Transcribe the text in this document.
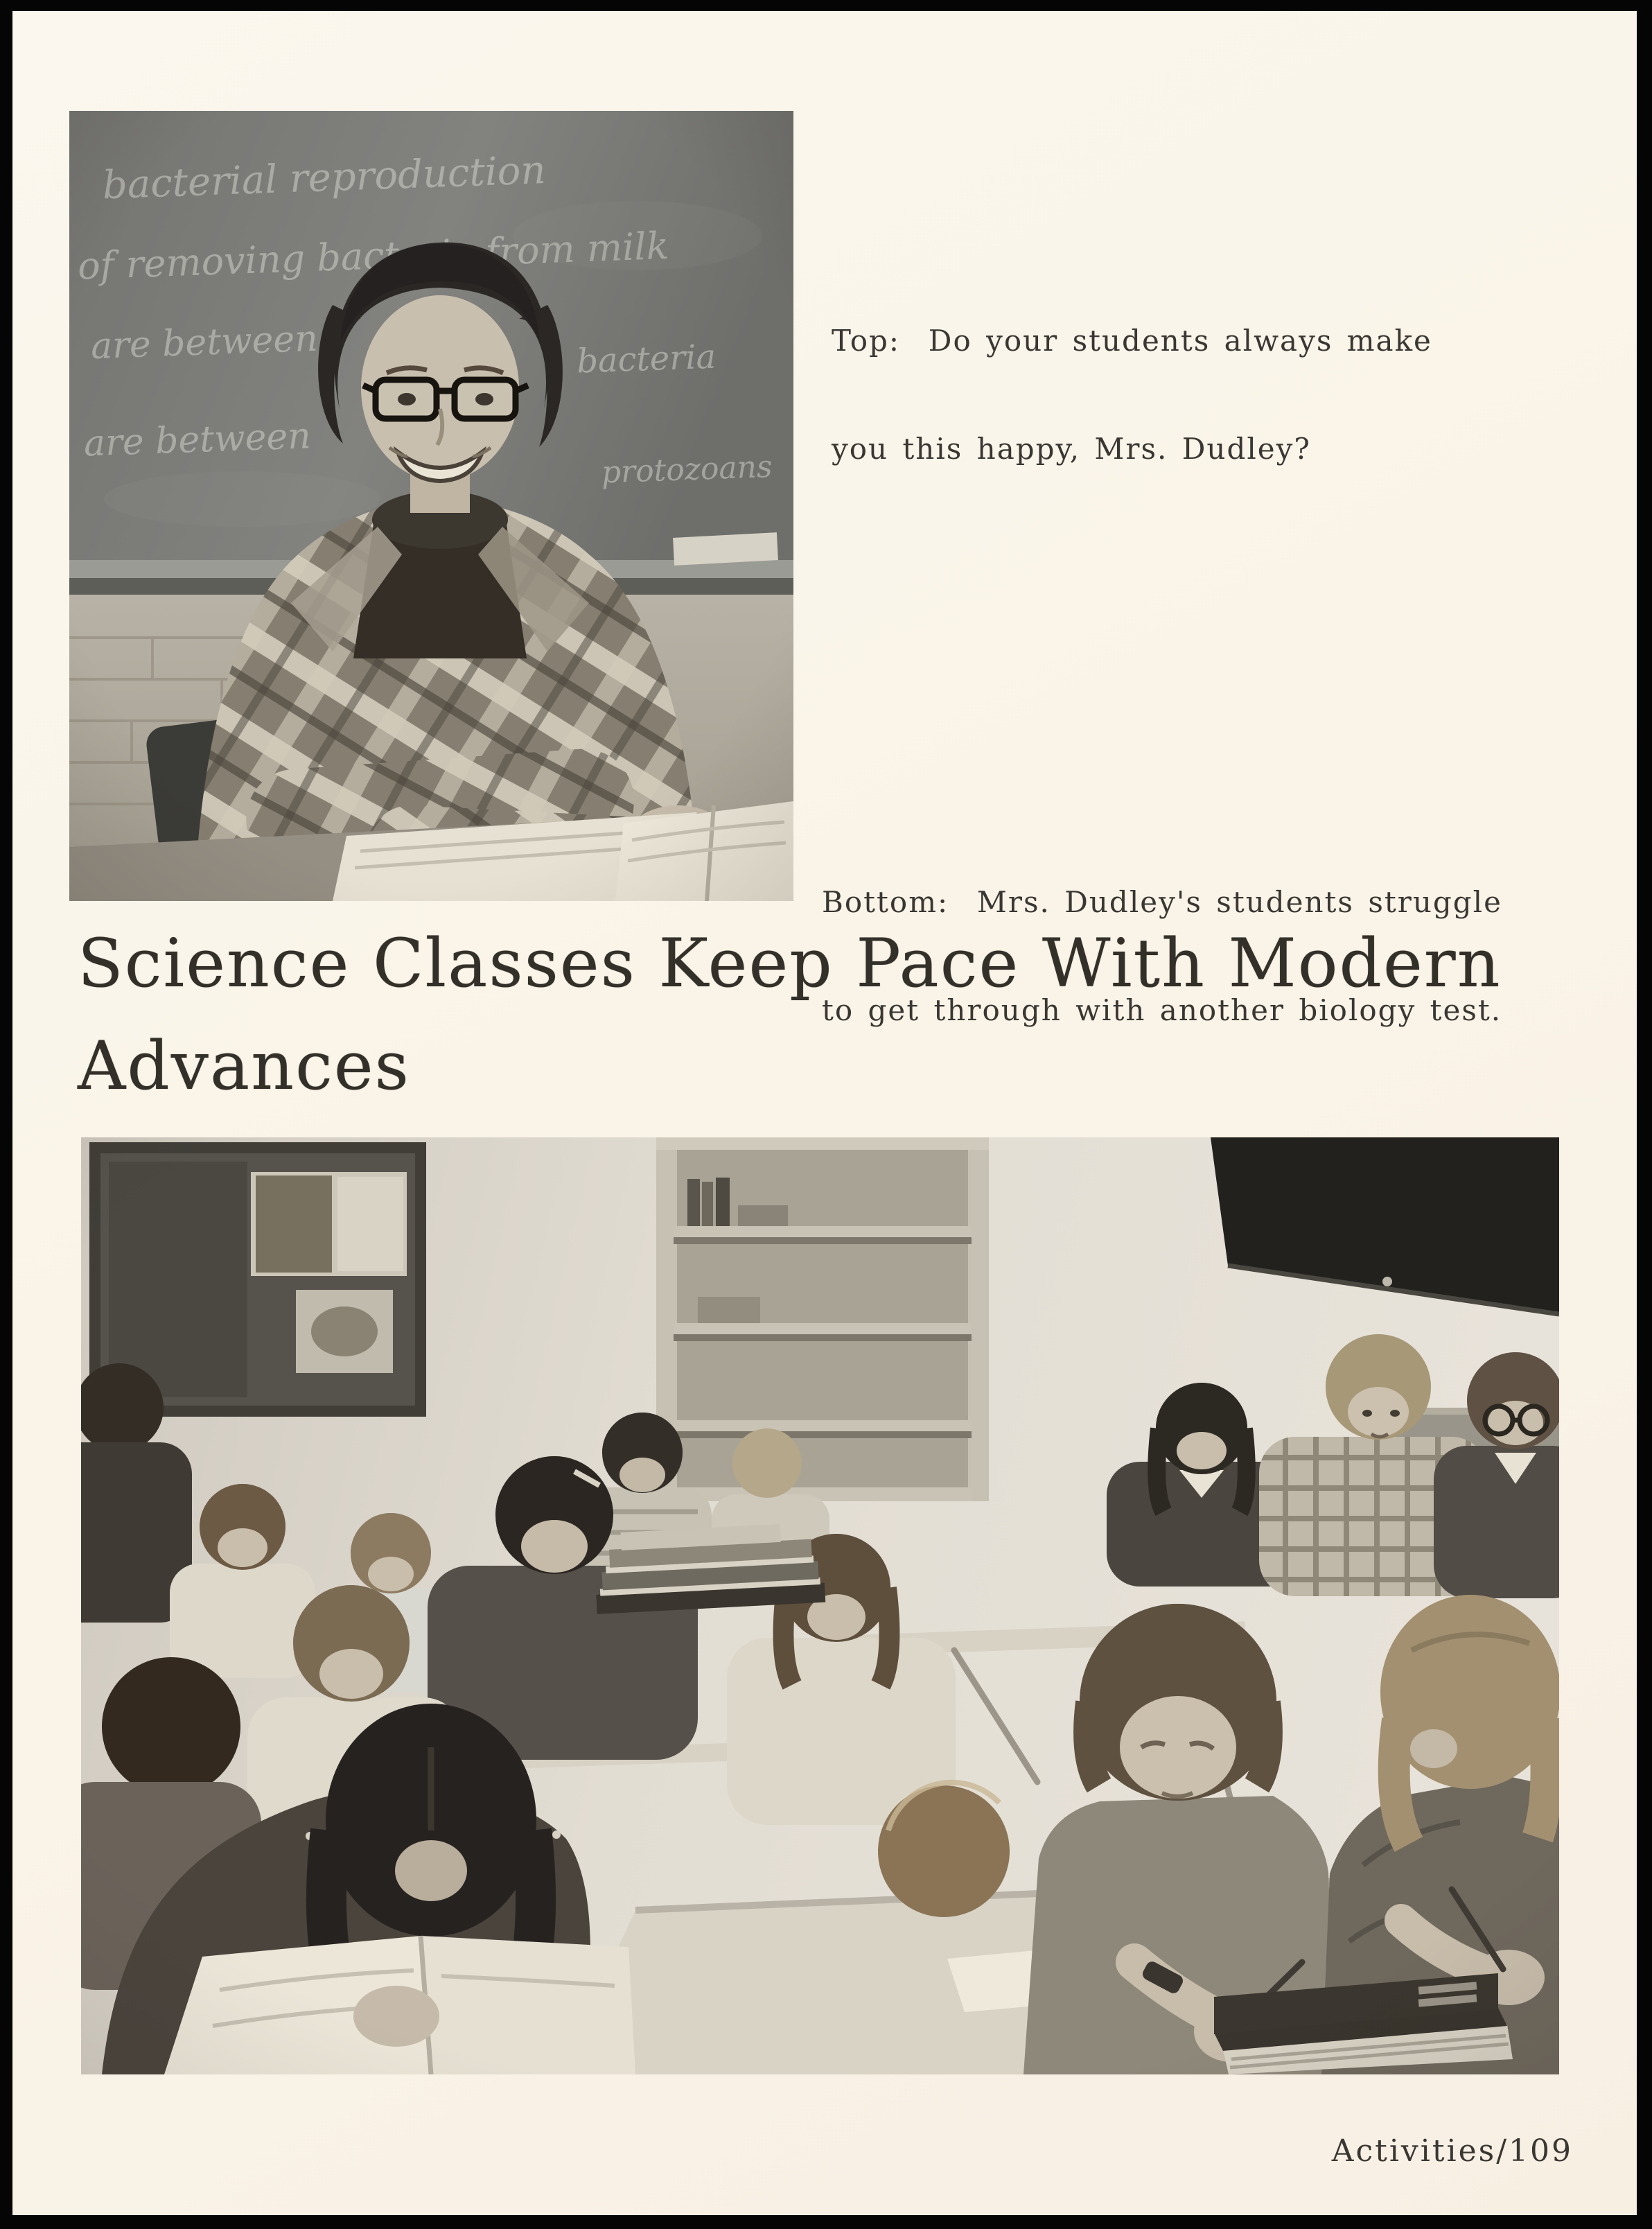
Top:  Do your students always make

you this happy, Mrs. Dudley?

Bottom:  Mrs. Dudley's students struggle

to get through with another biology test.

Science Classes Keep Pace With Modern
Advances
Activities/109
